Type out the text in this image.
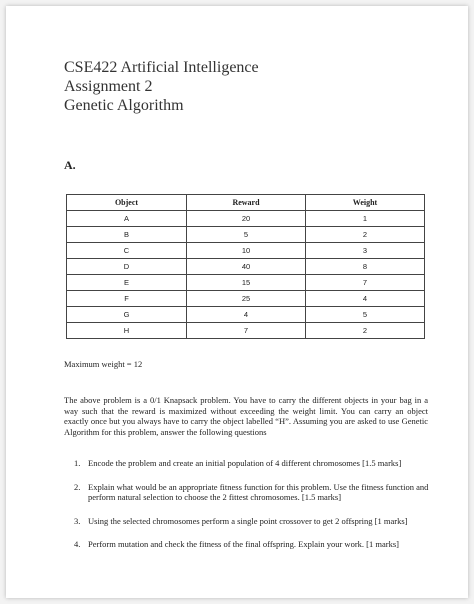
CSE422 Artificial Intelligence
Assignment 2
Genetic Algorithm
A.
Object	Reward	Weight
A	20	1
B	5	2
C	10	3
D	40	8
E	15	7
F	25	4
G	4	5
H	7	2
Maximum weight = 12
The above problem is a 0/1 Knapsack problem. You have to carry the different objects in your bag in a way such that the reward is maximized without exceeding the weight limit. You can carry an object exactly once but you always have to carry the object labelled “H”. Assuming you are asked to use Genetic Algorithm for this problem, answer the following questions
1. Encode the problem and create an initial population of 4 different chromosomes [1.5 marks]
2. Explain what would be an appropriate fitness function for this problem. Use the fitness function and perform natural selection to choose the 2 fittest chromosomes. [1.5 marks]
3. Using the selected chromosomes perform a single point crossover to get 2 offspring [1 marks]
4. Perform mutation and check the fitness of the final offspring. Explain your work. [1 marks]
